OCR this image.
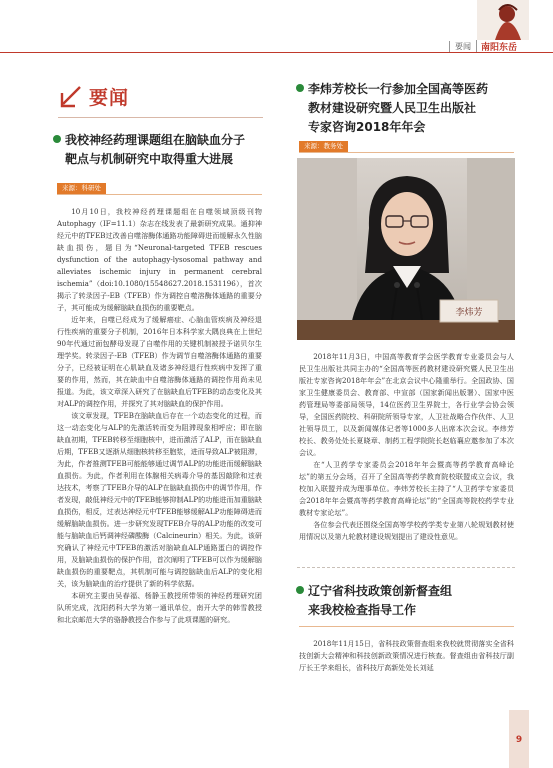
要闻	南阳东岳
要闻
我校神经药理课题组在脑缺血分子
靶点与机制研究中取得重大进展
来源：科研处

10月10日，我校神经药理课题组在自噬领域顶级刊物Autophagy（IF=11.1）杂志在线发表了最新研究成果。通抑神经元中的TFEB过改善自噬溶酶体通路功能障碍进而缓解永久性脑缺血损伤，题目为“Neuronal-targeted TFEB rescues dysfunction of the autophagy-lysosomal pathway and alleviates ischemic injury in permanent cerebral ischemia”（doi:10.1080/15548627.2018.1531196），首次揭示了转录因子-EB（TFEB）作为调控自噬溶酶体通路的重要分子，其可能成为缓解脑缺血损伤的重要靶点。

近年来，自噬已经成为了缓解癌症、心脑血管疾病及神经退行性疾病的重要分子机制，2016年日本科学家大隅良典在上世纪90年代通过面包酵母发现了自噬作用的关键机制被授予诺贝尔生理学奖。转录因子-EB（TFEB）作为调节自噬溶酶体通路的重要分子，已经被证明在心肌缺血及诸多神经退行性疾病中发挥了重要的作用，然而，其在缺血中自噬溶酶体通路的调控作用尚未见报道。为此，该文章深入研究了在脑缺血后TFEB的动态变化及其对ALP的调控作用，并探究了其对脑缺血的保护作用。

该文章发现，TFEB在脑缺血后存在一个动态变化的过程，而这一动态变化与ALP的先激活转而变为阻滞现象相呼应；即在脑缺血初期，TFEB转移至细胞核中，进而激活了ALP，而在脑缺血后期，TFEB又逐渐从细胞核转移至胞浆，进而导致ALP被阻滞，为此，作者推测TFEB可能能够通过调节ALP的功能进而缓解脑缺血损伤。为此，作者利用在体腺相关病毒介导的基因敲除和过表达技术，考察了TFEB介导的ALP在脑缺血损伤中的调节作用，作者发现，敲低神经元中的TFEB能够抑制ALP的功能进而加重脑缺血损伤，相反，过表达神经元中TFEB能够缓解ALP功能障碍进而缓解脑缺血损伤。进一步研究发现TFEB介导的ALP功能的改变可能与脑缺血后钙调神经磷酸酶（Calcineurin）相关。为此，该研究确认了神经元中TFEB的激活对脑缺血ALP通路蛋白的调控作用，及脑缺血损伤的保护作用，首次阐明了TFEB可以作为缓解脑缺血损伤的重要靶点，其机制可能与调控脑缺血后ALP的变化相关，该为脑缺血的治疗提供了新的科学依据。

本研究主要由吴春福、杨静玉教授所带领的神经药理研究团队所完成，沈阳药科大学为第一通讯单位，南开大学的韩雪教授和北京邮范大学的骆静教授合作参与了此项课题的研究。

李炜芳校长一行参加全国高等医药
教材建设研究暨人民卫生出版社
专家咨询2018年年会
来源：教务处
李炜芳

2018年11月3日，中国高等教育学会医学教育专业委员会与人民卫生出版社共同主办的“全国高等医药教材建设研究暨人民卫生出版社专家咨询2018年年会”在北京会议中心隆重举行。全国政协、国家卫生健康委员会、教育部、中宣部（国家新闻出版署）、国家中医药管理局等委部局领导，14位医药卫生界院士，各行业学会协会领导，全国医药院校、科研院所领导专家，人卫社战略合作伙伴、人卫社领导员工，以及新闻媒体记者等1000多人出席本次会议。李炜芳校长、教务处处长夏晓章、制药工程学院院长赵临襄应邀参加了本次会议。

在“人卫药学专家委员会2018年年会暨高等药学教育高峰论坛”的第五分会场，召开了全国高等药学教育院校联盟成立会议，我校加入联盟并成为理事单位。李炜芳校长主持了“人卫药学专家委员会2018年年会暨高等药学教育高峰论坛”的“全国高等院校药学专业教材专家论坛”。

各位参会代表还围绕全国高等学校药学类专业第八轮规划教材使用情况以及第九轮教材建设规划提出了建设性意见。

辽宁省科技政策创新督查组
来我校检查指导工作

2018年11月15日，省科技政策督查组来我校就贯彻落实全省科技创新大会精神和科技创新政策情况进行核查。督查组由省科技厅副厅长王学来组长，省科技厅高新处处长刘延

9
